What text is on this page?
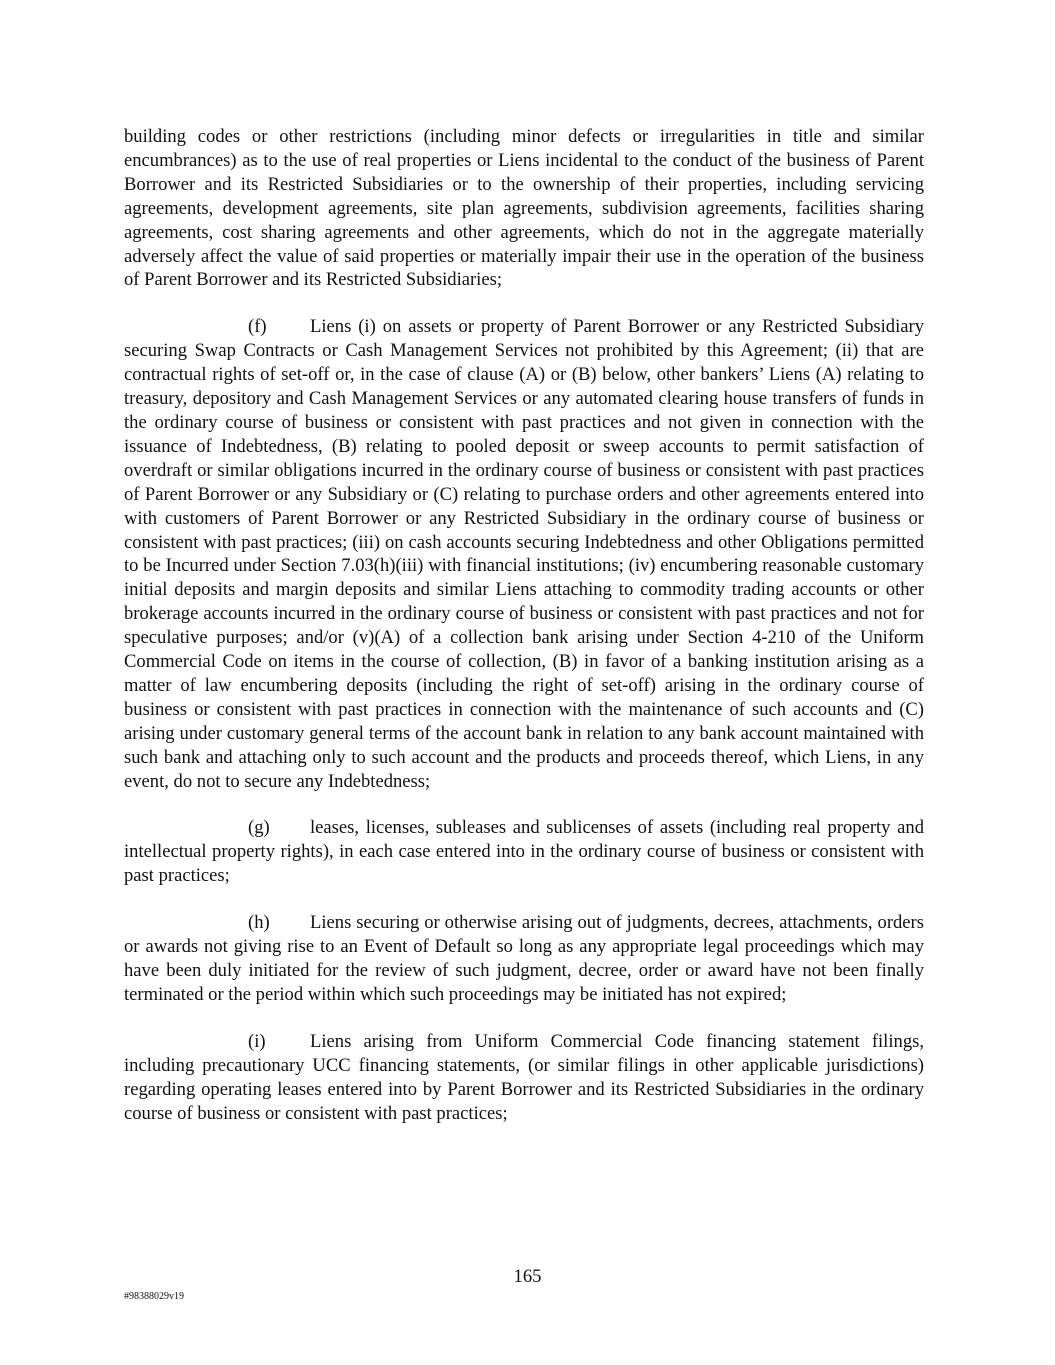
building codes or other restrictions (including minor defects or irregularities in title and similar encumbrances) as to the use of real properties or Liens incidental to the conduct of the business of Parent Borrower and its Restricted Subsidiaries or to the ownership of their properties, including servicing agreements, development agreements, site plan agreements, subdivision agreements, facilities sharing agreements, cost sharing agreements and other agreements, which do not in the aggregate materially adversely affect the value of said properties or materially impair their use in the operation of the business of Parent Borrower and its Restricted Subsidiaries;

(f) Liens (i) on assets or property of Parent Borrower or any Restricted Subsidiary securing Swap Contracts or Cash Management Services not prohibited by this Agreement; (ii) that are contractual rights of set-off or, in the case of clause (A) or (B) below, other bankers’ Liens (A) relating to treasury, depository and Cash Management Services or any automated clearing house transfers of funds in the ordinary course of business or consistent with past practices and not given in connection with the issuance of Indebtedness, (B) relating to pooled deposit or sweep accounts to permit satisfaction of overdraft or similar obligations incurred in the ordinary course of business or consistent with past practices of Parent Borrower or any Subsidiary or (C) relating to purchase orders and other agreements entered into with customers of Parent Borrower or any Restricted Subsidiary in the ordinary course of business or consistent with past practices; (iii) on cash accounts securing Indebtedness and other Obligations permitted to be Incurred under Section 7.03(h)(iii) with financial institutions; (iv) encumbering reasonable customary initial deposits and margin deposits and similar Liens attaching to commodity trading accounts or other brokerage accounts incurred in the ordinary course of business or consistent with past practices and not for speculative purposes; and/or (v)(A) of a collection bank arising under Section 4-210 of the Uniform Commercial Code on items in the course of collection, (B) in favor of a banking institution arising as a matter of law encumbering deposits (including the right of set-off) arising in the ordinary course of business or consistent with past practices in connection with the maintenance of such accounts and (C) arising under customary general terms of the account bank in relation to any bank account maintained with such bank and attaching only to such account and the products and proceeds thereof, which Liens, in any event, do not to secure any Indebtedness;

(g) leases, licenses, subleases and sublicenses of assets (including real property and intellectual property rights), in each case entered into in the ordinary course of business or consistent with past practices;

(h) Liens securing or otherwise arising out of judgments, decrees, attachments, orders or awards not giving rise to an Event of Default so long as any appropriate legal proceedings which may have been duly initiated for the review of such judgment, decree, order or award have not been finally terminated or the period within which such proceedings may be initiated has not expired;

(i) Liens arising from Uniform Commercial Code financing statement filings, including precautionary UCC financing statements, (or similar filings in other applicable jurisdictions) regarding operating leases entered into by Parent Borrower and its Restricted Subsidiaries in the ordinary course of business or consistent with past practices;

165
#98388029v19
